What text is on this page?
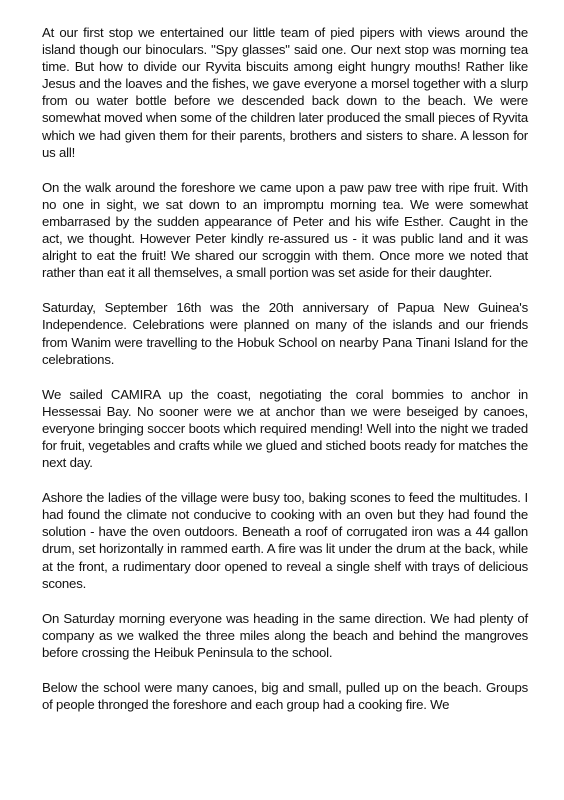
At our first stop we entertained our little team of pied pipers with views around the island though our binoculars. "Spy glasses" said one. Our next stop was morning tea time. But how to divide our Ryvita biscuits among eight hungry mouths! Rather like Jesus and the loaves and the fishes, we gave everyone a morsel together with a slurp from ou water bottle before we descended back down to the beach. We were somewhat moved when some of the children later produced the small pieces of Ryvita which we had given them for their parents, brothers and sisters to share. A lesson for us all!

On the walk around the foreshore we came upon a paw paw tree with ripe fruit. With no one in sight, we sat down to an impromptu morning tea. We were somewhat embarrased by the sudden appearance of Peter and his wife Esther. Caught in the act, we thought. However Peter kindly re-assured us - it was public land and it was alright to eat the fruit! We shared our scroggin with them. Once more we noted that rather than eat it all themselves, a small portion was set aside for their daughter.

Saturday, September 16th was the 20th anniversary of Papua New Guinea's Independence. Celebrations were planned on many of the islands and our friends from Wanim were travelling to the Hobuk School on nearby Pana Tinani Island for the celebrations.

We sailed CAMIRA up the coast, negotiating the coral bommies to anchor in Hessessai Bay. No sooner were we at anchor than we were beseiged by canoes, everyone bringing soccer boots which required mending! Well into the night we traded for fruit, vegetables and crafts while we glued and stiched boots ready for matches the next day.

Ashore the ladies of the village were busy too, baking scones to feed the multitudes. I had found the climate not conducive to cooking with an oven but they had found the solution - have the oven outdoors. Beneath a roof of corrugated iron was a 44 gallon drum, set horizontally in rammed earth. A fire was lit under the drum at the back, while at the front, a rudimentary door opened to reveal a single shelf with trays of delicious scones.

On Saturday morning everyone was heading in the same direction. We had plenty of company as we walked the three miles along the beach and behind the mangroves before crossing the Heibuk Peninsula to the school.

Below the school were many canoes, big and small, pulled up on the beach. Groups of people thronged the foreshore and each group had a cooking fire. We
